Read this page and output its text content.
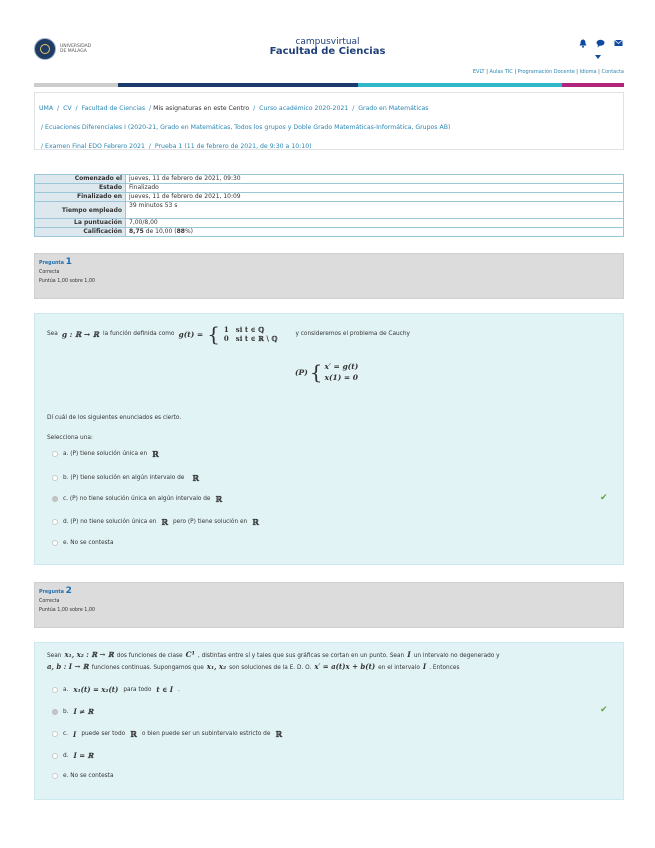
UNIVERSIDAD
DE MÁLAGA
campusvirtual
Facultad de Ciencias
EVLT | Aulas TIC | Programación Docente | Idioma | Contacta
UMA  /  CV  /  Facultad de Ciencias  / Mis asignaturas en este Centro  /  Curso académico 2020-2021  /  Grado en Matemáticas
/ Ecuaciones Diferenciales I (2020-21, Grado en Matemáticas, Todos los grupos y Doble Grado Matemáticas-Informática, Grupos AB)
/ Examen Final EDO Febrero 2021  /  Prueba 1 (11 de febrero de 2021, de 9:30 a 10:10)
Comenzado el	jueves, 11 de febrero de 2021, 09:30
Estado	Finalizado
Finalizado en	jueves, 11 de febrero de 2021, 10:09
Tiempo empleado	39 minutos 53 s
La puntuación	7,00/8,00
Calificación	8,75 de 10,00 (88%)
Pregunta 1
Correcta
Puntúa 1,00 sobre 1,00
Sea g : ℝ → ℝ la función definida como g(t) = { 1 si t ∈ ℚ
0 si t ∈ ℝ \ ℚ	y consideremos el problema de Cauchy
(P) { x′ = g(t)
x(1) = 0
Dí cuál de los siguientes enunciados es cierto.
Selecciona una:
a. (P) tiene solución única en ℝ
b. (P) tiene solución en algún intervalo de ℝ
c. (P) no tiene solución única en algún intervalo de ℝ	✔
d. (P) no tiene solución única en ℝ pero (P) tiene solución en ℝ
e. No se contesta
Pregunta 2
Correcta
Puntúa 1,00 sobre 1,00
Sean x₁, x₂ : ℝ → ℝ dos funciones de clase C¹ , distintas entre sí y tales que sus gráficas se cortan en un punto. Sean I un intervalo no degenerado y
a, b : I → ℝ funciones continuas. Supongamos que x₁, x₂ son soluciones de la E. D. O. x′ = a(t)x + b(t) en el intervalo I . Entonces
a. x₁(t) = x₂(t) para todo t ∈ I .
b. I ≠ ℝ	✔
c. I puede ser todo ℝ o bien puede ser un subintervalo estricto de ℝ
d. I = ℝ
e. No se contesta
